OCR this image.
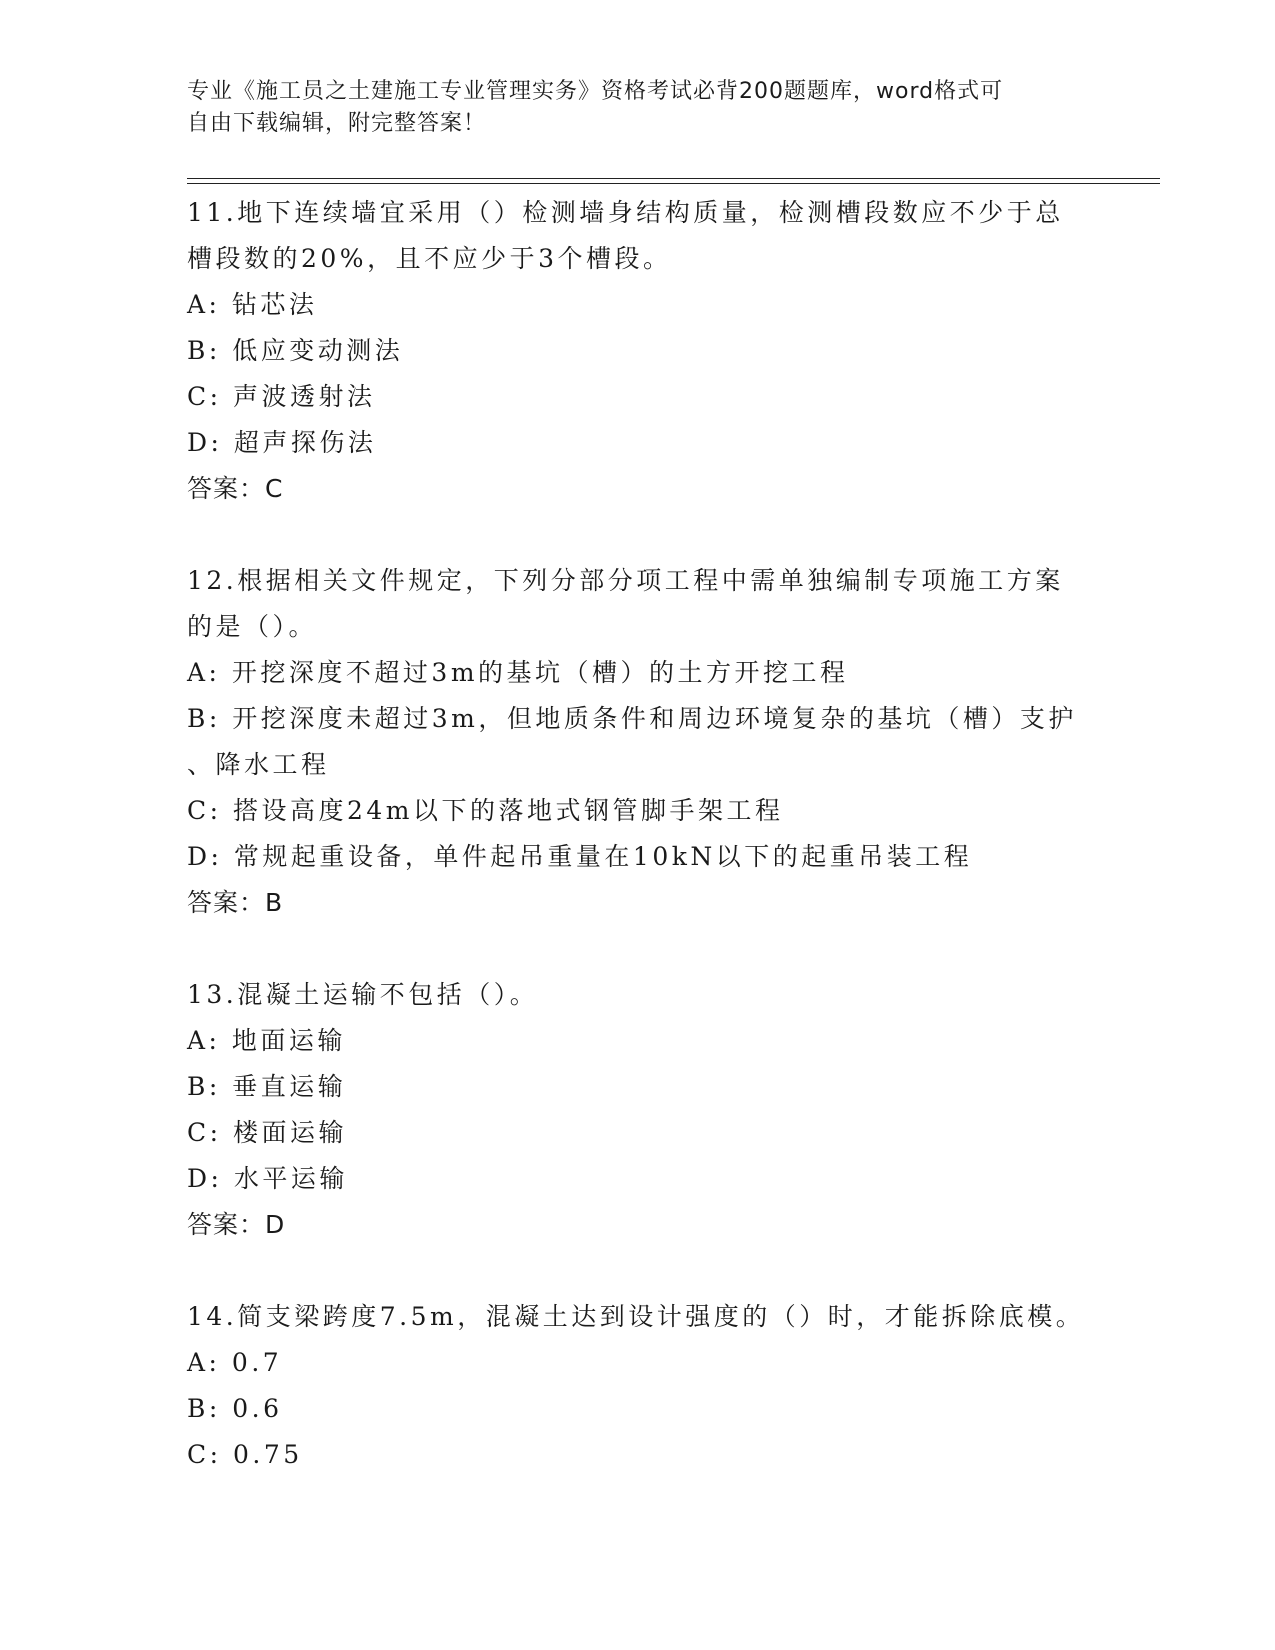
专业《施工员之土建施工专业管理实务》资格考试必背200题题库，word格式可
自由下载编辑，附完整答案！

11.地下连续墙宜采用（）检测墙身结构质量，检测槽段数应不少于总

槽段数的20%，且不应少于3个槽段。

A: 钻芯法

B: 低应变动测法

C: 声波透射法

D: 超声探伤法

答案：C

12.根据相关文件规定，下列分部分项工程中需单独编制专项施工方案

的是（）。

A: 开挖深度不超过3m的基坑（槽）的土方开挖工程

B: 开挖深度未超过3m，但地质条件和周边环境复杂的基坑（槽）支护

、降水工程

C: 搭设高度24m以下的落地式钢管脚手架工程

D: 常规起重设备，单件起吊重量在10kN以下的起重吊装工程

答案：B

13.混凝土运输不包括（）。

A: 地面运输

B: 垂直运输

C: 楼面运输

D: 水平运输

答案：D

14.简支梁跨度7.5m，混凝土达到设计强度的（）时，才能拆除底模。

A: 0.7

B: 0.6

C: 0.75
